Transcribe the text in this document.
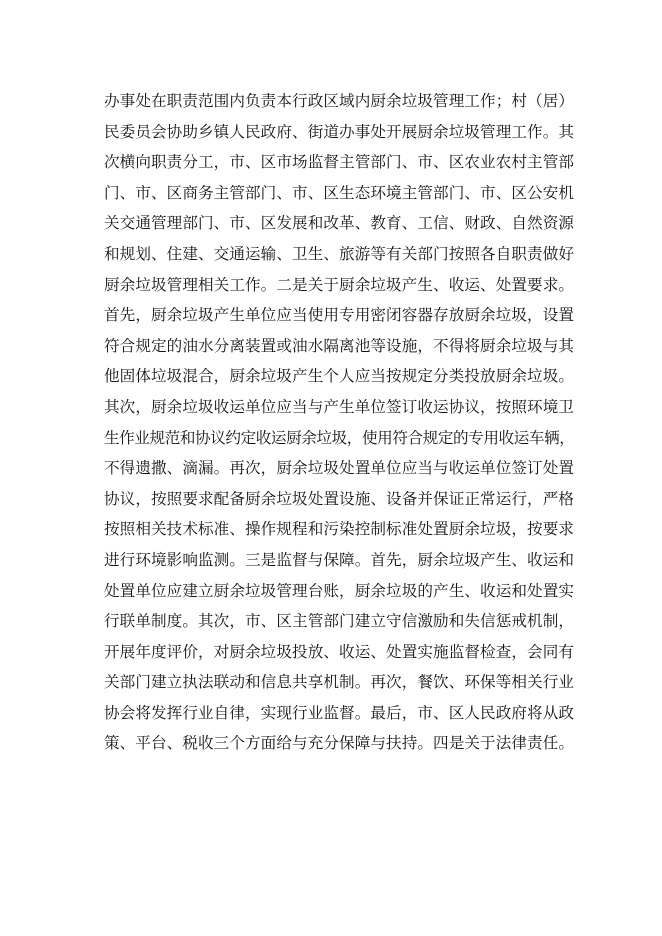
办事处在职责范围内负责本行政区域内厨余垃圾管理工作；村（居）
民委员会协助乡镇人民政府、街道办事处开展厨余垃圾管理工作。其
次横向职责分工，市、区市场监督主管部门、市、区农业农村主管部
门、市、区商务主管部门、市、区生态环境主管部门、市、区公安机
关交通管理部门、市、区发展和改革、教育、工信、财政、自然资源
和规划、住建、交通运输、卫生、旅游等有关部门按照各自职责做好
厨余垃圾管理相关工作。二是关于厨余垃圾产生、收运、处置要求。
首先，厨余垃圾产生单位应当使用专用密闭容器存放厨余垃圾，设置
符合规定的油水分离装置或油水隔离池等设施，不得将厨余垃圾与其
他固体垃圾混合，厨余垃圾产生个人应当按规定分类投放厨余垃圾。
其次，厨余垃圾收运单位应当与产生单位签订收运协议，按照环境卫
生作业规范和协议约定收运厨余垃圾，使用符合规定的专用收运车辆，
不得遗撒、滴漏。再次，厨余垃圾处置单位应当与收运单位签订处置
协议，按照要求配备厨余垃圾处置设施、设备并保证正常运行，严格
按照相关技术标准、操作规程和污染控制标准处置厨余垃圾，按要求
进行环境影响监测。三是监督与保障。首先，厨余垃圾产生、收运和
处置单位应建立厨余垃圾管理台账，厨余垃圾的产生、收运和处置实
行联单制度。其次，市、区主管部门建立守信激励和失信惩戒机制，
开展年度评价，对厨余垃圾投放、收运、处置实施监督检查，会同有
关部门建立执法联动和信息共享机制。再次，餐饮、环保等相关行业
协会将发挥行业自律，实现行业监督。最后，市、区人民政府将从政
策、平台、税收三个方面给与充分保障与扶持。四是关于法律责任。
